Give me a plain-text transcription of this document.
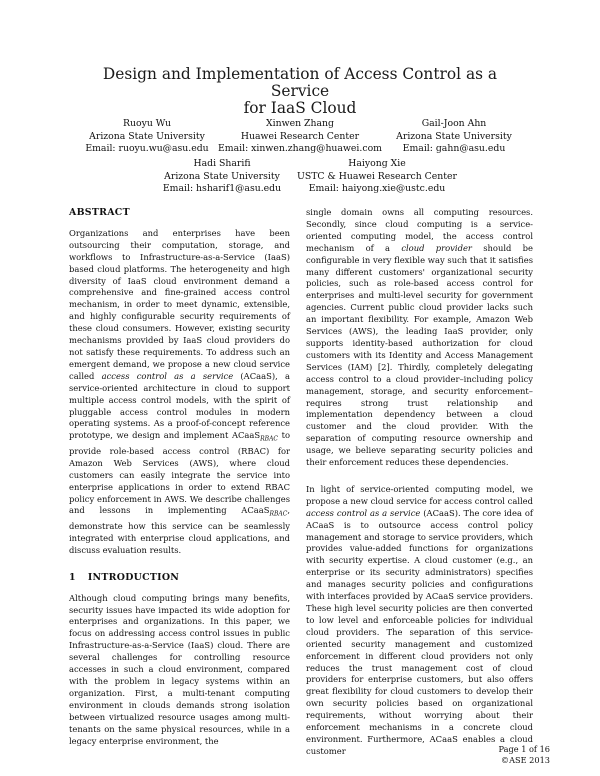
Design and Implementation of Access Control as a Service
for IaaS Cloud
Ruoyu Wu
Arizona State University
Email: ruoyu.wu@asu.edu
Xinwen Zhang
Huawei Research Center
Email: xinwen.zhang@huawei.com
Gail-Joon Ahn
Arizona State University
Email: gahn@asu.edu
Hadi Sharifi
Arizona State University
Email: hsharif1@asu.edu
Haiyong Xie
USTC & Huawei Research Center
Email: haiyong.xie@ustc.edu
ABSTRACT

Organizations and enterprises have been outsourcing their computation, storage, and workflows to Infrastructure-as-a-Service (IaaS) based cloud platforms. The heterogeneity and high diversity of IaaS cloud environment demand a comprehensive and fine-grained access control mechanism, in order to meet dynamic, extensible, and highly configurable security requirements of these cloud consumers. However, existing security mechanisms provided by IaaS cloud providers do not satisfy these requirements. To address such an emergent demand, we propose a new cloud service called access control as a service (ACaaS), a service-oriented architecture in cloud to support multiple access control models, with the spirit of pluggable access control modules in modern operating systems. As a proof-of-concept reference prototype, we design and implement ACaaS$_{RBAC}$ to provide role-based access control (RBAC) for Amazon Web Services (AWS), where cloud customers can easily integrate the service into enterprise applications in order to extend RBAC policy enforcement in AWS. We describe challenges and lessons in implementing ACaaS$_{RBAC}$, demonstrate how this service can be seamlessly integrated with enterprise cloud applications, and discuss evaluation results.

1 INTRODUCTION

Although cloud computing brings many benefits, security issues have impacted its wide adoption for enterprises and organizations. In this paper, we focus on addressing access control issues in public Infrastructure-as-a-Service (IaaS) cloud. There are several challenges for controlling resource accesses in such a cloud environment, compared with the problem in legacy systems within an organization. First, a multi-tenant computing environment in clouds demands strong isolation between virtualized resource usages among multi-tenants on the same physical resources, while in a legacy enterprise environment, the

single domain owns all computing resources. Secondly, since cloud computing is a service-oriented computing model, the access control mechanism of a cloud provider should be configurable in very flexible way such that it satisfies many different customers' organizational security policies, such as role-based access control for enterprises and multi-level security for government agencies. Current public cloud provider lacks such an important flexibility. For example, Amazon Web Services (AWS), the leading IaaS provider, only supports identity-based authorization for cloud customers with its Identity and Access Management Services (IAM) [2]. Thirdly, completely delegating access control to a cloud provider–including policy management, storage, and security enforcement–requires strong trust relationship and implementation dependency between a cloud customer and the cloud provider. With the separation of computing resource ownership and usage, we believe separating security policies and their enforcement reduces these dependencies.

In light of service-oriented computing model, we propose a new cloud service for access control called access control as a service (ACaaS). The core idea of ACaaS is to outsource access control policy management and storage to service providers, which provides value-added functions for organizations with security expertise. A cloud customer (e.g., an enterprise or its security administrators) specifies and manages security policies and configurations with interfaces provided by ACaaS service providers. These high level security policies are then converted to low level and enforceable policies for individual cloud providers. The separation of this service-oriented security management and customized enforcement in different cloud providers not only reduces the trust management cost of cloud providers for enterprise customers, but also offers great flexibility for cloud customers to develop their own security policies based on organizational requirements, without worrying about their enforcement mechanisms in a concrete cloud environment. Furthermore, ACaaS enables a cloud customer	Page 1 of 16
©ASE 2013
